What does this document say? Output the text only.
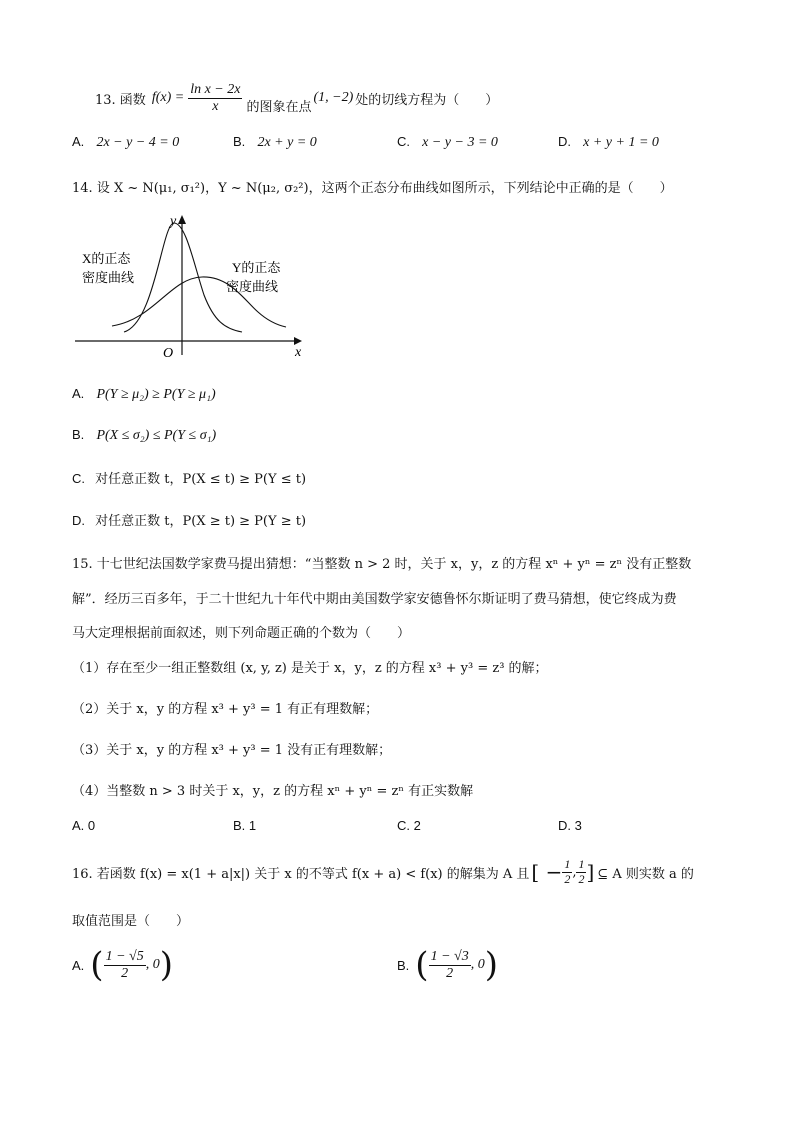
13. 函数 $f(x) = \frac{\text{ln x − 2x}}{x}$ 的图象在点
(1, −2) 处的切线方程为（　　）
A. 2x − y − 4 = 0	B. 2x + y = 0	C. x − y − 3 = 0	D. x + y + 1 = 0
14. 设 X ~ N(μ₁, σ₁²)，Y ~ N(μ₂, σ₂²)，这两个正态分布曲线如图所示，下列结论中正确的是（　　）
y
x
O
X的正态
密度曲线
Y的正态
密度曲线
A. P(Y ≥ μ₂) ≥ P(Y ≥ μ₁)
B. P(X ≤ σ₂) ≤ P(Y ≤ σ₁)
C. 对任意正数 t，P(X ≤ t) ≥ P(Y ≤ t)
D. 对任意正数 t，P(X ≥ t) ≥ P(Y ≥ t)
15. 十七世纪法国数学家费马提出猜想：“当整数 n > 2 时，关于 x，y，z 的方程 xⁿ + yⁿ = zⁿ 没有正整数
解”．经历三百多年，于二十世纪九十年代中期由美国数学家安德鲁怀尔斯证明了费马猜想，使它终成为费
马大定理根据前面叙述，则下列命题正确的个数为（　　）
（1）存在至少一组正整数组 (x, y, z) 是关于 x，y，z 的方程 x³ + y³ = z³ 的解；
（2）关于 x，y 的方程 x³ + y³ = 1 有正有理数解；
（3）关于 x，y 的方程 x³ + y³ = 1 没有正有理数解；
（4）当整数 n > 3 时关于 x，y，z 的方程 xⁿ + yⁿ = zⁿ 有正实数解
A. 0	B. 1	C. 2	D. 3
16. 若函数 f(x) = x(1 + a|x|) 关于 x 的不等式 f(x + a) < f(x) 的解集为 A 且 [ − $\frac{1}{2}$ , $\frac{1}{2}$ ] ⊆ A 则实数 a 的
取值范围是（　　）
A. ( $\frac{1 - √5}{2}$ , 0 )	B. ( $\frac{1 - √3}{2}$ , 0 )
